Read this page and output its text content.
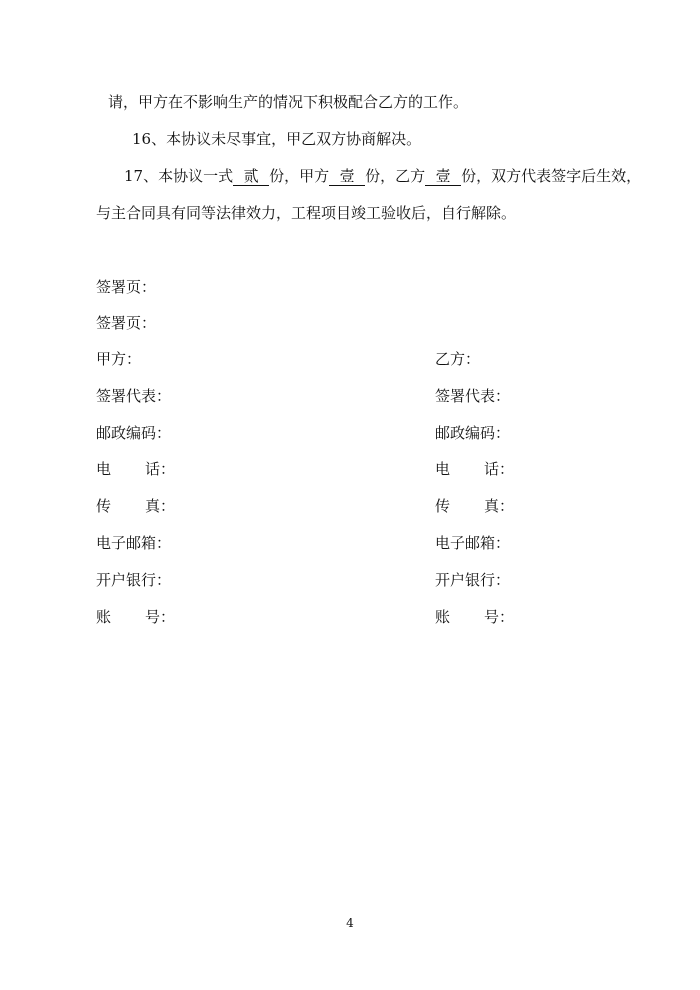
请，甲方在不影响生产的情况下积极配合乙方的工作。
16、本协议未尽事宜，甲乙双方协商解决。
17、本协议一式 贰 份，甲方 壹 份，乙方 壹 份，双方代表签字后生效，
与主合同具有同等法律效力，工程项目竣工验收后，自行解除。
签署页：
签署页：
甲方：
签署代表：
邮政编码：
电 话：
传 真：
电子邮箱：
开户银行：
账 号：
乙方：
签署代表：
邮政编码：
电 话：
传 真：
电子邮箱：
开户银行：
账 号：
4
